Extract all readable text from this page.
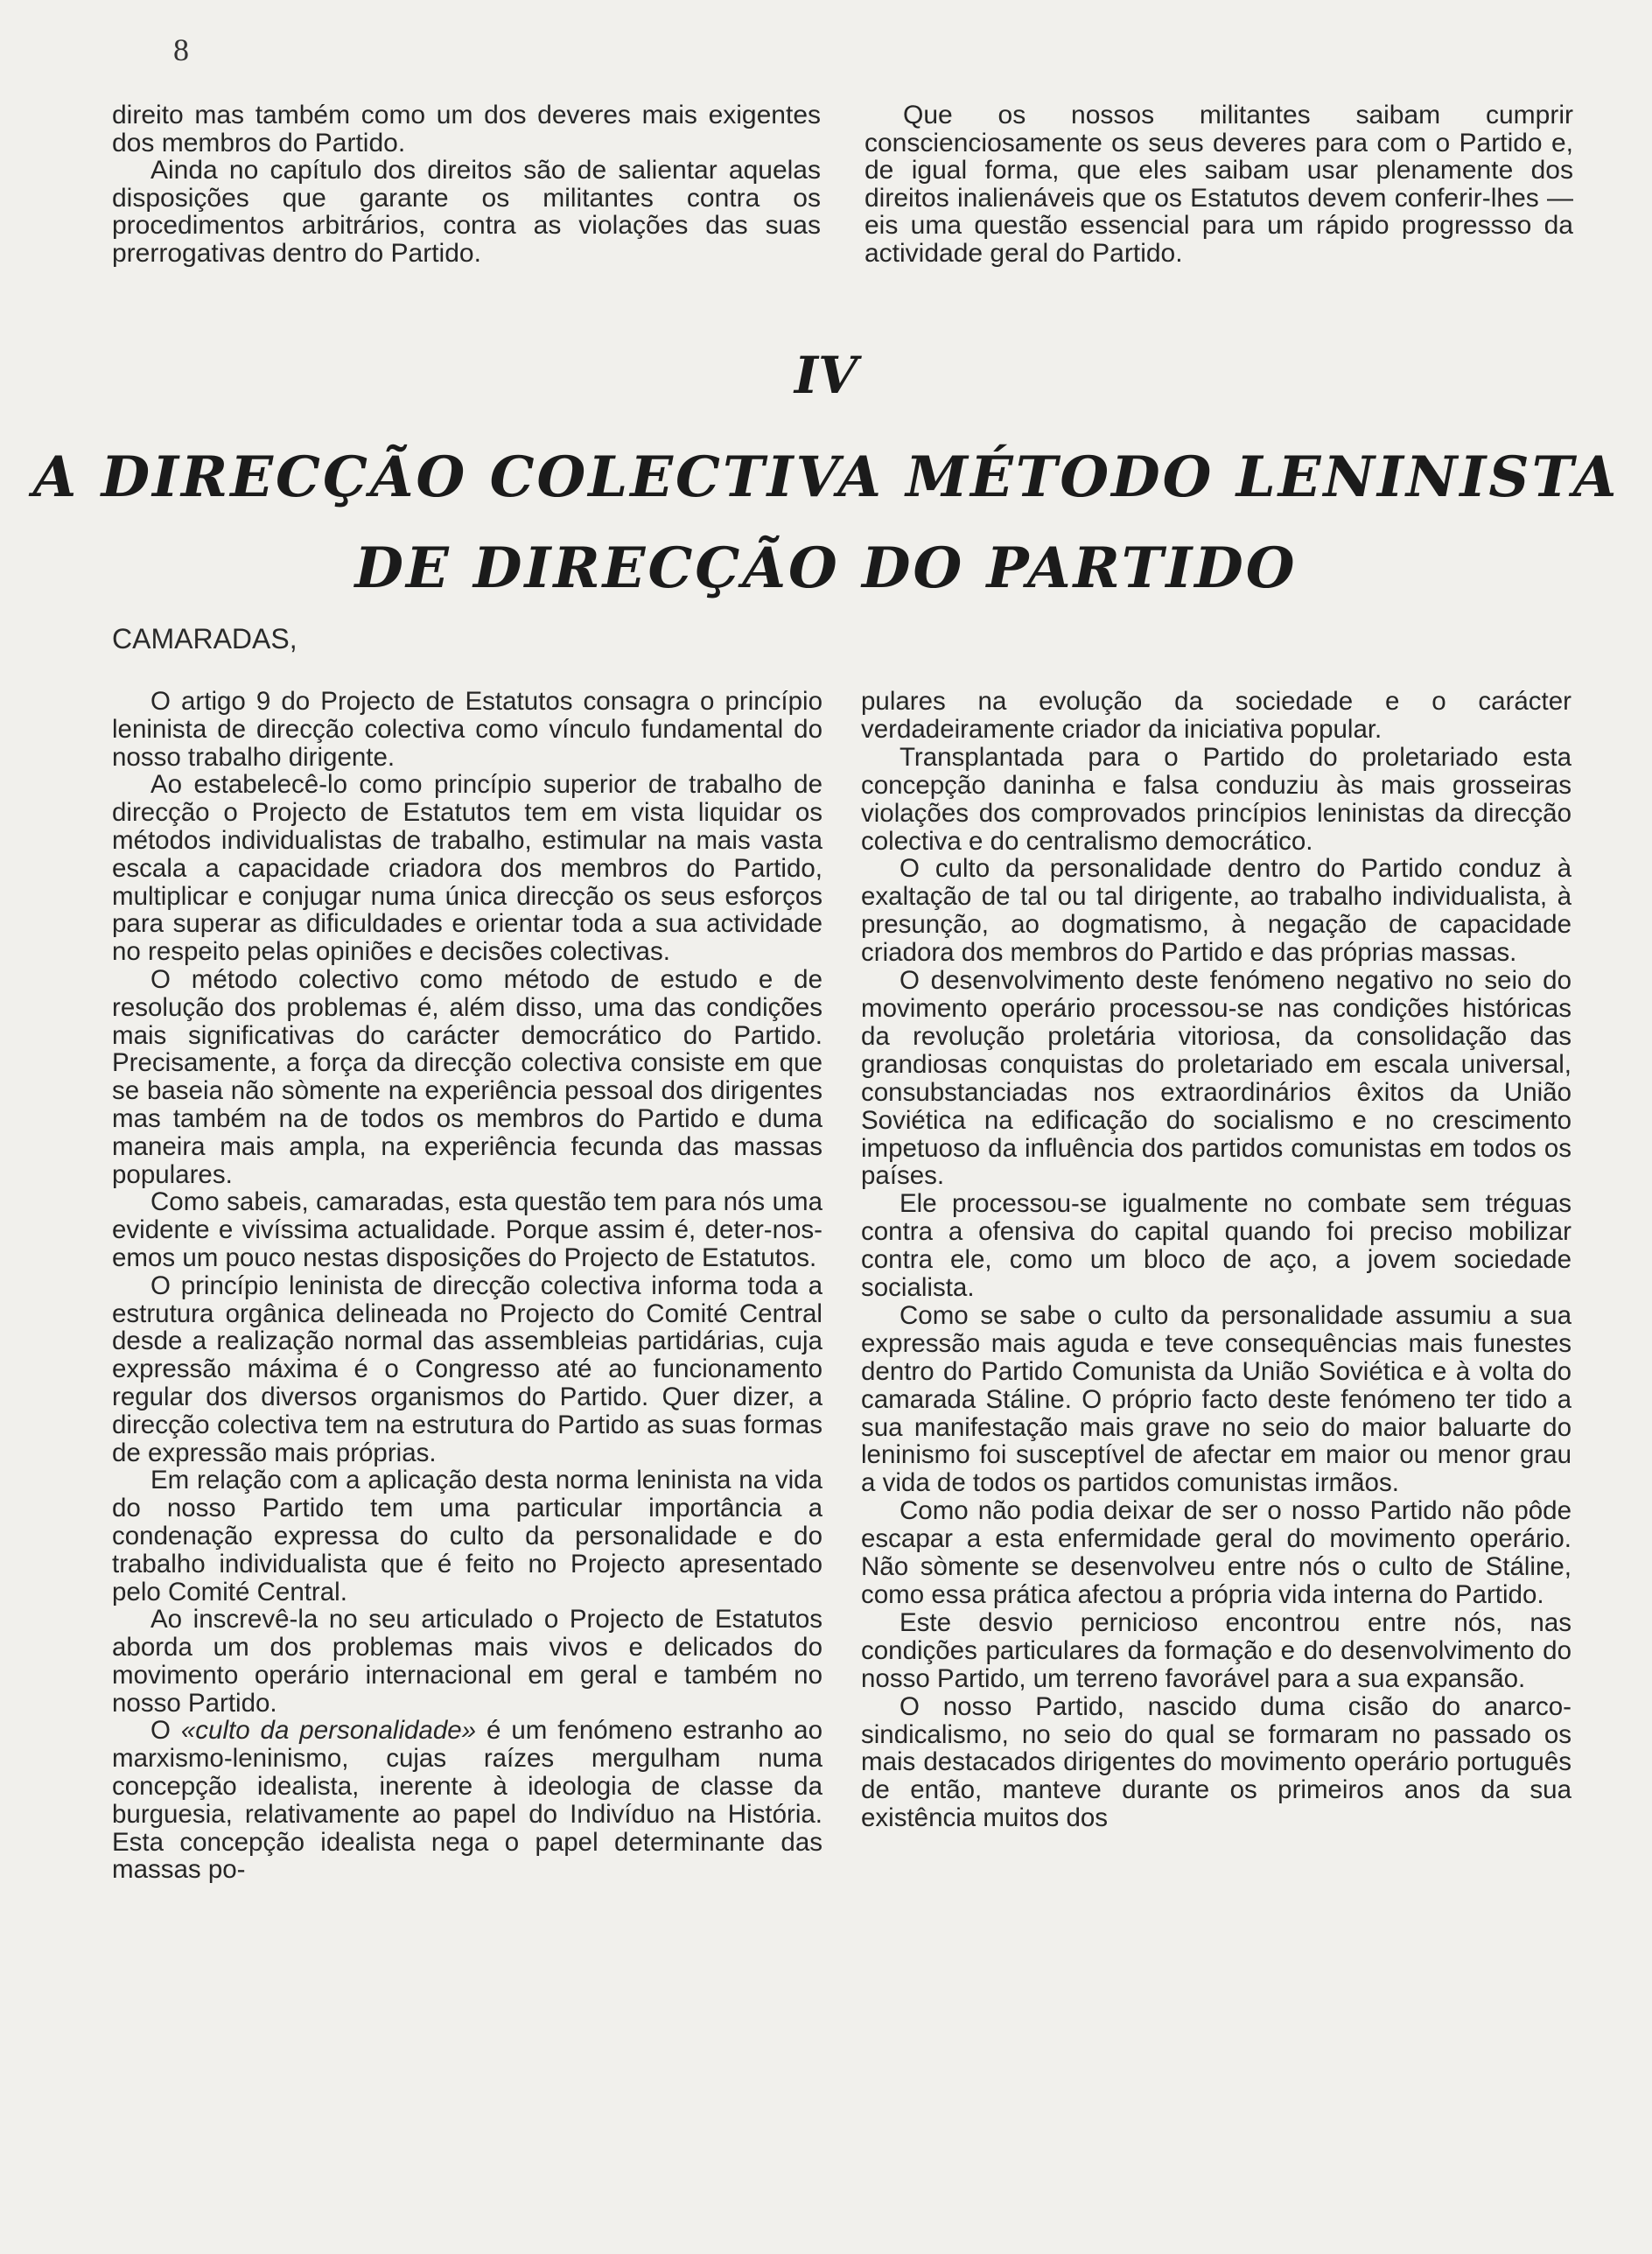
8

direito mas também como um dos deveres mais exigentes dos membros do Partido.

Ainda no capítulo dos direitos são de salientar aquelas disposições que garante os militantes contra os procedimentos arbitrários, contra as violações das suas prerrogativas dentro do Partido.

Que os nossos militantes saibam cumprir conscienciosamente os seus deveres para com o Partido e, de igual forma, que eles saibam usar plenamente dos direitos inalienáveis que os Estatutos devem conferir-lhes — eis uma questão essencial para um rápido progressso da actividade geral do Partido.

IV
A DIRECÇÃO COLECTIVA MÉTODO LENINISTA
DE DIRECÇÃO DO PARTIDO
CAMARADAS,

O artigo 9 do Projecto de Estatutos consagra o princípio leninista de direcção colectiva como vínculo fundamental do nosso trabalho dirigente.

Ao estabelecê-lo como princípio superior de trabalho de direcção o Projecto de Estatutos tem em vista liquidar os métodos individualistas de trabalho, estimular na mais vasta escala a capacidade criadora dos membros do Partido, multiplicar e conjugar numa única direcção os seus esforços para superar as dificuldades e orientar toda a sua actividade no respeito pelas opiniões e decisões colectivas.

O método colectivo como método de estudo e de resolução dos problemas é, além disso, uma das condições mais significativas do carácter democrático do Partido. Precisamente, a força da direcção colectiva consiste em que se baseia não sòmente na experiência pessoal dos dirigentes mas também na de todos os membros do Partido e duma maneira mais ampla, na experiência fecunda das massas populares.

Como sabeis, camaradas, esta questão tem para nós uma evidente e vivíssima actualidade. Porque assim é, deter-nos-emos um pouco nestas disposições do Projecto de Estatutos.

O princípio leninista de direcção colectiva informa toda a estrutura orgânica delineada no Projecto do Comité Central desde a realização normal das assembleias partidárias, cuja expressão máxima é o Congresso até ao funcionamento regular dos diversos organismos do Partido. Quer dizer, a direcção colectiva tem na estrutura do Partido as suas formas de expressão mais próprias.

Em relação com a aplicação desta norma leninista na vida do nosso Partido tem uma particular importância a condenação expressa do culto da personalidade e do trabalho individualista que é feito no Projecto apresentado pelo Comité Central.

Ao inscrevê-la no seu articulado o Projecto de Estatutos aborda um dos problemas mais vivos e delicados do movimento operário internacional em geral e também no nosso Partido.

O «culto da personalidade» é um fenómeno estranho ao marxismo-leninismo, cujas raízes mergulham numa concepção idealista, inerente à ideologia de classe da burguesia, relativamente ao papel do Indivíduo na História. Esta concepção idealista nega o papel determinante das massas po-

pulares na evolução da sociedade e o carácter verdadeiramente criador da iniciativa popular.

Transplantada para o Partido do proletariado esta concepção daninha e falsa conduziu às mais grosseiras violações dos comprovados princípios leninistas da direcção colectiva e do centralismo democrático.

O culto da personalidade dentro do Partido conduz à exaltação de tal ou tal dirigente, ao trabalho individualista, à presunção, ao dogmatismo, à negação de capacidade criadora dos membros do Partido e das próprias massas.

O desenvolvimento deste fenómeno negativo no seio do movimento operário processou-se nas condições históricas da revolução proletária vitoriosa, da consolidação das grandiosas conquistas do proletariado em escala universal, consubstanciadas nos extraordinários êxitos da União Soviética na edificação do socialismo e no crescimento impetuoso da influência dos partidos comunistas em todos os países.

Ele processou-se igualmente no combate sem tréguas contra a ofensiva do capital quando foi preciso mobilizar contra ele, como um bloco de aço, a jovem sociedade socialista.

Como se sabe o culto da personalidade assumiu a sua expressão mais aguda e teve consequências mais funestes dentro do Partido Comunista da União Soviética e à volta do camarada Stáline. O próprio facto deste fenómeno ter tido a sua manifestação mais grave no seio do maior baluarte do leninismo foi susceptível de afectar em maior ou menor grau a vida de todos os partidos comunistas irmãos.

Como não podia deixar de ser o nosso Partido não pôde escapar a esta enfermidade geral do movimento operário. Não sòmente se desenvolveu entre nós o culto de Stáline, como essa prática afectou a própria vida interna do Partido.

Este desvio pernicioso encontrou entre nós, nas condições particulares da formação e do desenvolvimento do nosso Partido, um terreno favorável para a sua expansão.

O nosso Partido, nascido duma cisão do anarco-sindicalismo, no seio do qual se formaram no passado os mais destacados dirigentes do movimento operário português de então, manteve durante os primeiros anos da sua existência muitos dos
